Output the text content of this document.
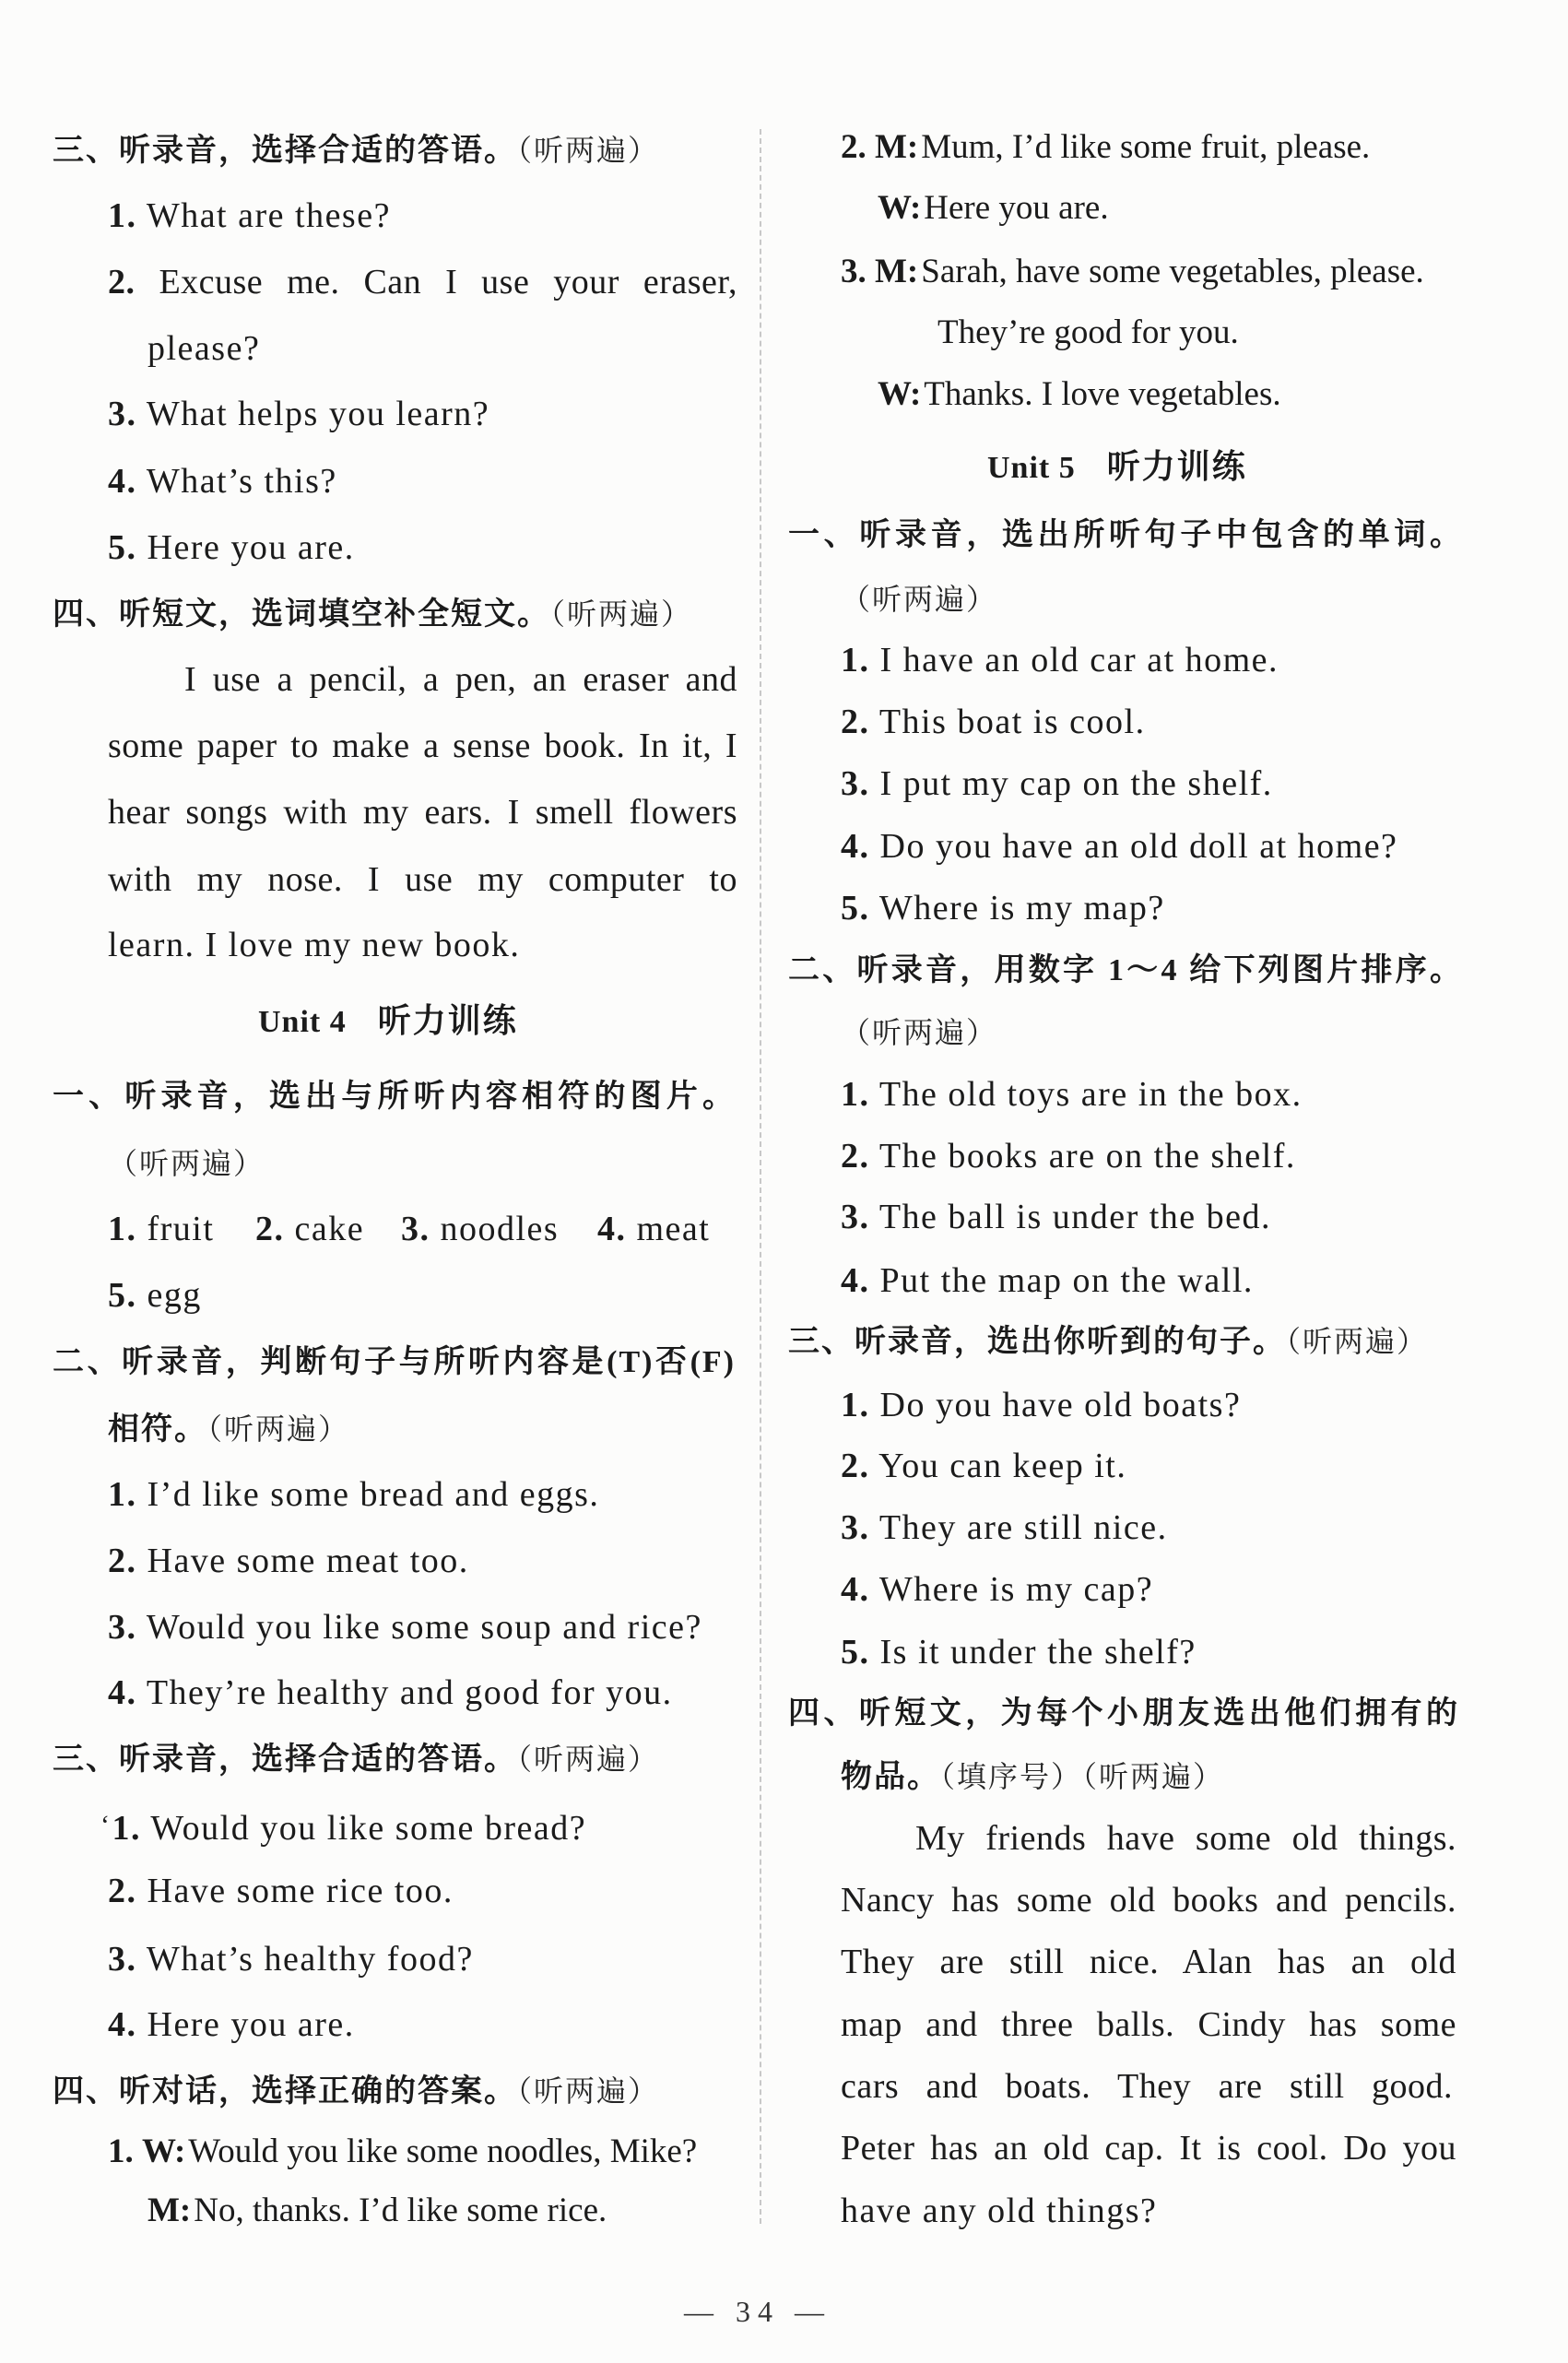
三、听录音，选择合适的答语。（听两遍）
1. What are these?
2. Excuse me. Can I use your eraser,
please?
3. What helps you learn?
4. What’s this?
5. Here you are.
四、听短文，选词填空补全短文。（听两遍）
I use a pencil, a pen, an eraser and
some paper to make a sense book. In it, I
hear songs with my ears. I smell flowers
with my nose. I use my computer to
learn. I love my new book.
Unit 4 听力训练
一、听录音，选出与所听内容相符的图片。
（听两遍）
1. fruit 2. cake 3. noodles 4. meat
5. egg
二、听录音，判断句子与所听内容是(T)否(F)
相符。（听两遍）
1. I’d like some bread and eggs.
2. Have some meat too.
3. Would you like some soup and rice?
4. They’re healthy and good for you.
三、听录音，选择合适的答语。（听两遍）
‘1. Would you like some bread?
2. Have some rice too.
3. What’s healthy food?
4. Here you are.
四、听对话，选择正确的答案。（听两遍）
1. W:Would you like some noodles, Mike?
M:No, thanks. I’d like some rice.
2. M:Mum, I’d like some fruit, please.
W:Here you are.
3. M:Sarah, have some vegetables, please.
They’re good for you.
W:Thanks. I love vegetables.
Unit 5 听力训练
一、听录音，选出所听句子中包含的单词。
（听两遍）
1. I have an old car at home.
2. This boat is cool.
3. I put my cap on the shelf.
4. Do you have an old doll at home?
5. Where is my map?
二、听录音，用数字 1～4 给下列图片排序。
（听两遍）
1. The old toys are in the box.
2. The books are on the shelf.
3. The ball is under the bed.
4. Put the map on the wall.
三、听录音，选出你听到的句子。（听两遍）
1. Do you have old boats?
2. You can keep it.
3. They are still nice.
4. Where is my cap?
5. Is it under the shelf?
四、听短文，为每个小朋友选出他们拥有的
物品。（填序号）（听两遍）
My friends have some old things.
Nancy has some old books and pencils.
They are still nice. Alan has an old
map and three balls. Cindy has some
cars and boats. They are still good.
Peter has an old cap. It is cool. Do you
have any old things?
— 34 —
